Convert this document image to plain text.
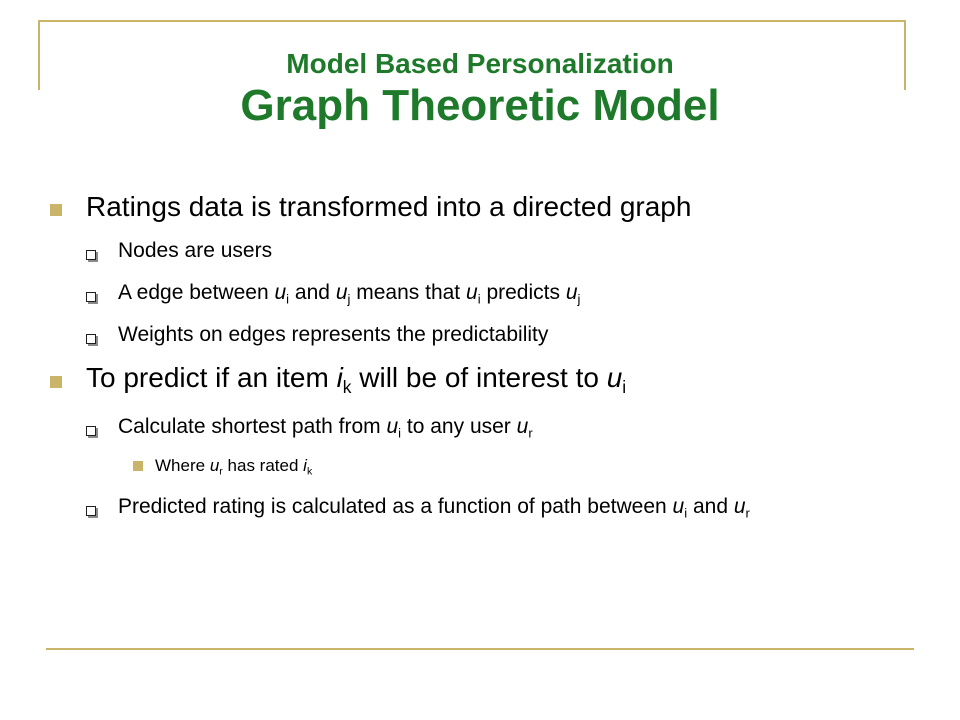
Model Based Personalization
Graph Theoretic Model
Ratings data is transformed into a directed graph
Nodes are users
A edge between $u_i$ and $u_j$ means that $u_i$ predicts $u_j$
Weights on edges represents the predictability
To predict if an item $i_k$ will be of interest to $u_i$
Calculate shortest path from $u_i$ to any user $u_r$
Where $u_r$ has rated $i_k$
Predicted rating is calculated as a function of path between $u_i$ and $u_r$
